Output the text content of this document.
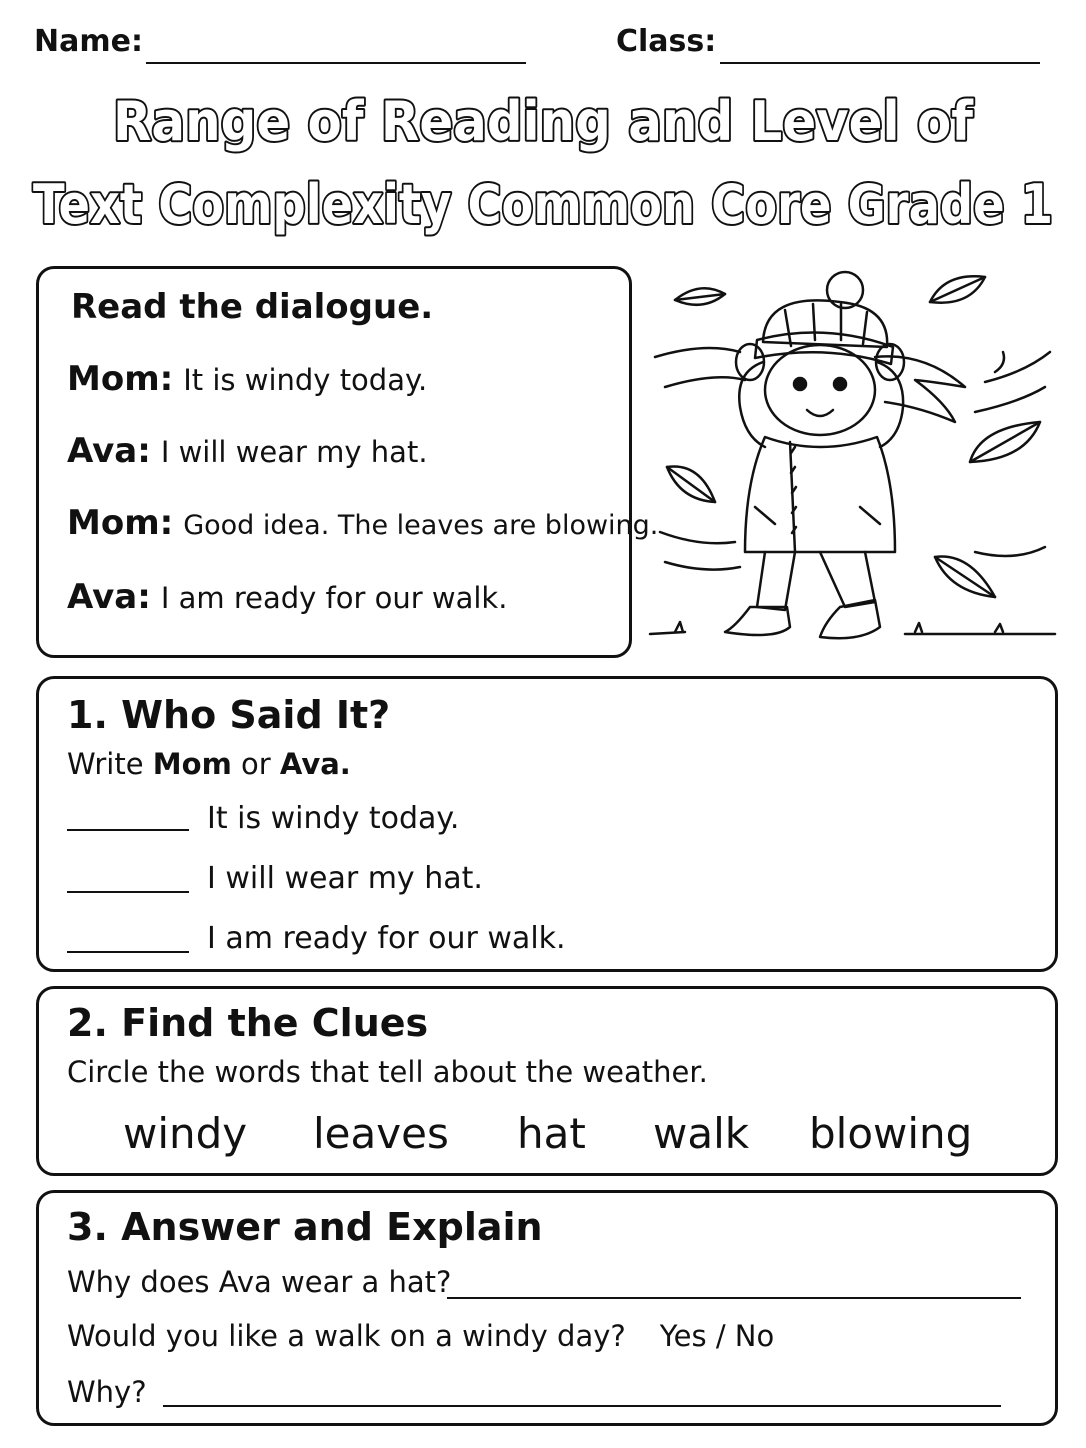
Name:	Class:
Range of Reading and Level of
Text Complexity Common Core Grade 1
Read the dialogue.
Mom: It is windy today.
Ava: I will wear my hat.
Mom: Good idea. The leaves are blowing.
Ava: I am ready for our walk.
1. Who Said It?
Write Mom or Ava.
It is windy today.
I will wear my hat.
I am ready for our walk.
2. Find the Clues
Circle the words that tell about the weather.
windy leaves hat walk blowing
3. Answer and Explain
Why does Ava wear a hat?
Would you like a walk on a windy day? Yes / No
Why?
